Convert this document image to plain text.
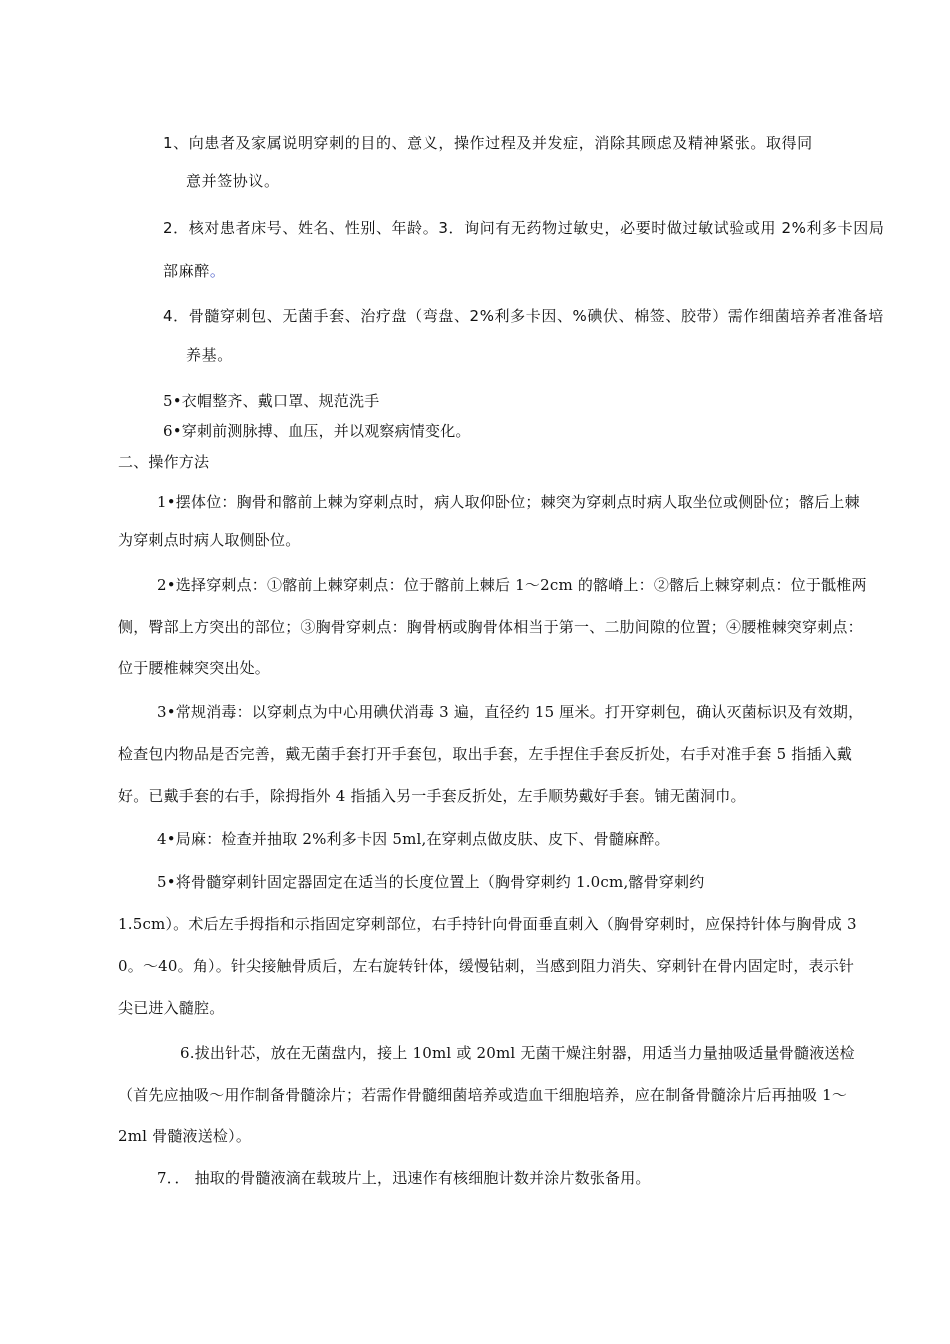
1、向患者及家属说明穿刺的目的、意义，操作过程及并发症，消除其顾虑及精神紧张。取得同
意并签协议。
2．核对患者床号、姓名、性别、年龄。3．询问有无药物过敏史，必要时做过敏试验或用 2%利多卡因局
部麻醉。
4．骨髓穿刺包、无菌手套、治疗盘（弯盘、2%利多卡因、%碘伏、棉签、胶带）需作细菌培养者准备培
养基。
5•衣帽整齐、戴口罩、规范洗手
6•穿刺前测脉搏、血压，并以观察病情变化。
二、操作方法
1•摆体位：胸骨和髂前上棘为穿刺点时，病人取仰卧位；棘突为穿刺点时病人取坐位或侧卧位；髂后上棘
为穿刺点时病人取侧卧位。
2•选择穿刺点：①髂前上棘穿刺点：位于髂前上棘后 1〜2cm 的髂嵴上：②髂后上棘穿刺点：位于骶椎两
侧，臀部上方突出的部位；③胸骨穿刺点：胸骨柄或胸骨体相当于第一、二肋间隙的位置；④腰椎棘突穿刺点：
位于腰椎棘突突出处。
3•常规消毒：以穿刺点为中心用碘伏消毒 3 遍，直径约 15 厘米。打开穿刺包，确认灭菌标识及有效期，
检查包内物品是否完善，戴无菌手套打开手套包，取出手套，左手捏住手套反折处，右手对准手套 5 指插入戴
好。已戴手套的右手，除拇指外 4 指插入另一手套反折处，左手顺势戴好手套。铺无菌洞巾。
4•局麻：检查并抽取 2%利多卡因 5ml,在穿刺点做皮肤、皮下、骨髓麻醉。
5•将骨髓穿刺针固定器固定在适当的长度位置上（胸骨穿刺约 1.0cm,髂骨穿刺约
1.5cm）。术后左手拇指和示指固定穿刺部位，右手持针向骨面垂直刺入（胸骨穿刺时，应保持针体与胸骨成 3
0。〜40。角）。针尖接触骨质后，左右旋转针体，缓慢钻刺，当感到阻力消失、穿刺针在骨内固定时，表示针
尖已进入髓腔。
6.拔出针芯，放在无菌盘内，接上 10ml 或 20ml 无菌干燥注射器，用适当力量抽吸适量骨髓液送检
（首先应抽吸〜用作制备骨髓涂片；若需作骨髓细菌培养或造血干细胞培养，应在制备骨髓涂片后再抽吸 1〜
2ml 骨髓液送检）。
7．． 抽取的骨髓液滴在载玻片上，迅速作有核细胞计数并涂片数张备用。
